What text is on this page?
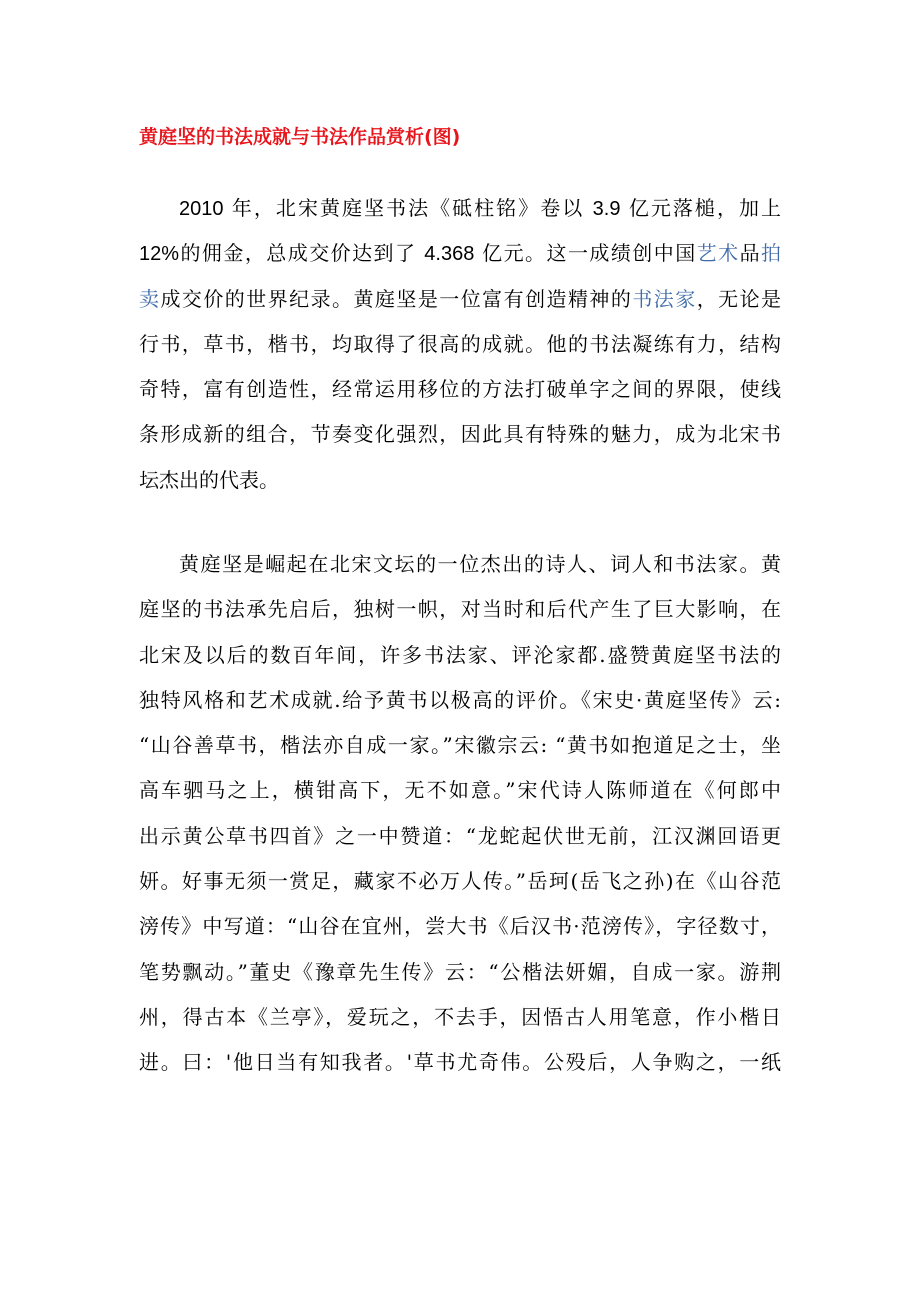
黄庭坚的书法成就与书法作品赏析(图)
2010 年，北宋黄庭坚书法《砥柱铭》卷以 3.9 亿元落槌，加上
12%的佣金，总成交价达到了 4.368 亿元。这一成绩创中国艺术品拍
卖成交价的世界纪录。黄庭坚是一位富有创造精神的书法家，无论是
行书，草书，楷书，均取得了很高的成就。他的书法凝练有力，结构
奇特，富有创造性，经常运用移位的方法打破单字之间的界限，使线
条形成新的组合，节奏变化强烈，因此具有特殊的魅力，成为北宋书
坛杰出的代表。
黄庭坚是崛起在北宋文坛的一位杰出的诗人、词人和书法家。黄
庭坚的书法承先启后，独树一帜，对当时和后代产生了巨大影响，在
北宋及以后的数百年间，许多书法家、评沦家都.盛赞黄庭坚书法的
独特风格和艺术成就.给予黄书以极高的评价。《宋史·黄庭坚传》云:
“山谷善草书，楷法亦自成一家。”宋徽宗云: “黄书如抱道足之士，坐
高车驷马之上，横钳高下，无不如意。”宋代诗人陈师道在《何郎中
出示黄公草书四首》之一中赞道：“龙蛇起伏世无前，江汉渊回语更
妍。好事无须一赏足，藏家不必万人传。”岳珂(岳飞之孙)在《山谷范
滂传》中写道：“山谷在宜州，尝大书《后汉书·范滂传》，字径数寸，
笔势飘动。”董史《豫章先生传》云：“公楷法妍媚，自成一家。游荆
州，得古本《兰亭》，爱玩之，不去手，因悟古人用笔意，作小楷日
进。曰：'他日当有知我者。'草书尤奇伟。公殁后，人争购之，一纸
